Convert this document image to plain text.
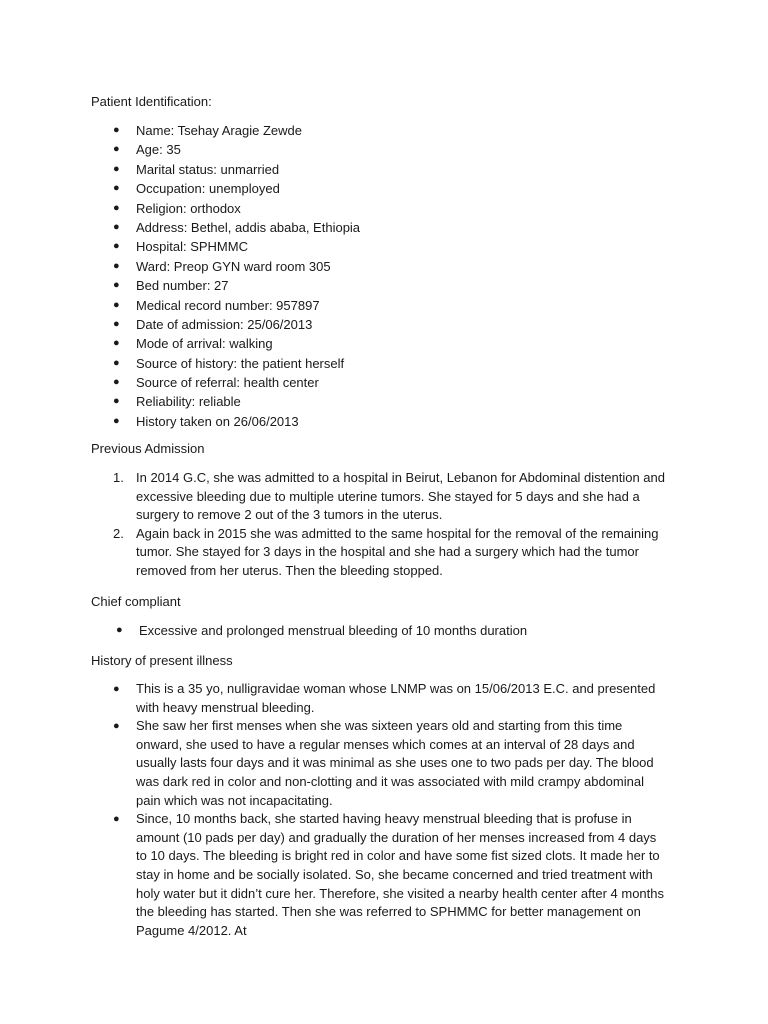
Patient Identification:
● Name: Tsehay Aragie Zewde
● Age: 35
● Marital status: unmarried
● Occupation: unemployed
● Religion: orthodox
● Address: Bethel, addis ababa, Ethiopia
● Hospital: SPHMMC
● Ward: Preop GYN ward room 305
● Bed number: 27
● Medical record number: 957897
● Date of admission: 25/06/2013
● Mode of arrival: walking
● Source of history: the patient herself
● Source of referral: health center
● Reliability: reliable
● History taken on 26/06/2013
Previous Admission
1. In 2014 G.C, she was admitted to a hospital in Beirut, Lebanon for Abdominal distention and excessive bleeding due to multiple uterine tumors. She stayed for 5 days and she had a surgery to remove 2 out of the 3 tumors in the uterus.
2. Again back in 2015 she was admitted to the same hospital for the removal of the remaining tumor. She stayed for 3 days in the hospital and she had a surgery which had the tumor removed from her uterus. Then the bleeding stopped.
Chief compliant
● Excessive and prolonged menstrual bleeding of 10 months duration
History of present illness
● This is a 35 yo, nulligravidae woman whose LNMP was on 15/06/2013 E.C. and presented with heavy menstrual bleeding.
● She saw her first menses when she was sixteen years old and starting from this time onward, she used to have a regular menses which comes at an interval of 28 days and usually lasts four days and it was minimal as she uses one to two pads per day. The blood was dark red in color and non-clotting and it was associated with mild crampy abdominal pain which was not incapacitating.
● Since, 10 months back, she started having heavy menstrual bleeding that is profuse in amount (10 pads per day) and gradually the duration of her menses increased from 4 days to 10 days. The bleeding is bright red in color and have some fist sized clots. It made her to stay in home and be socially isolated. So, she became concerned and tried treatment with holy water but it didn’t cure her. Therefore, she visited a nearby health center after 4 months the bleeding has started. Then she was referred to SPHMMC for better management on Pagume 4/2012. At
